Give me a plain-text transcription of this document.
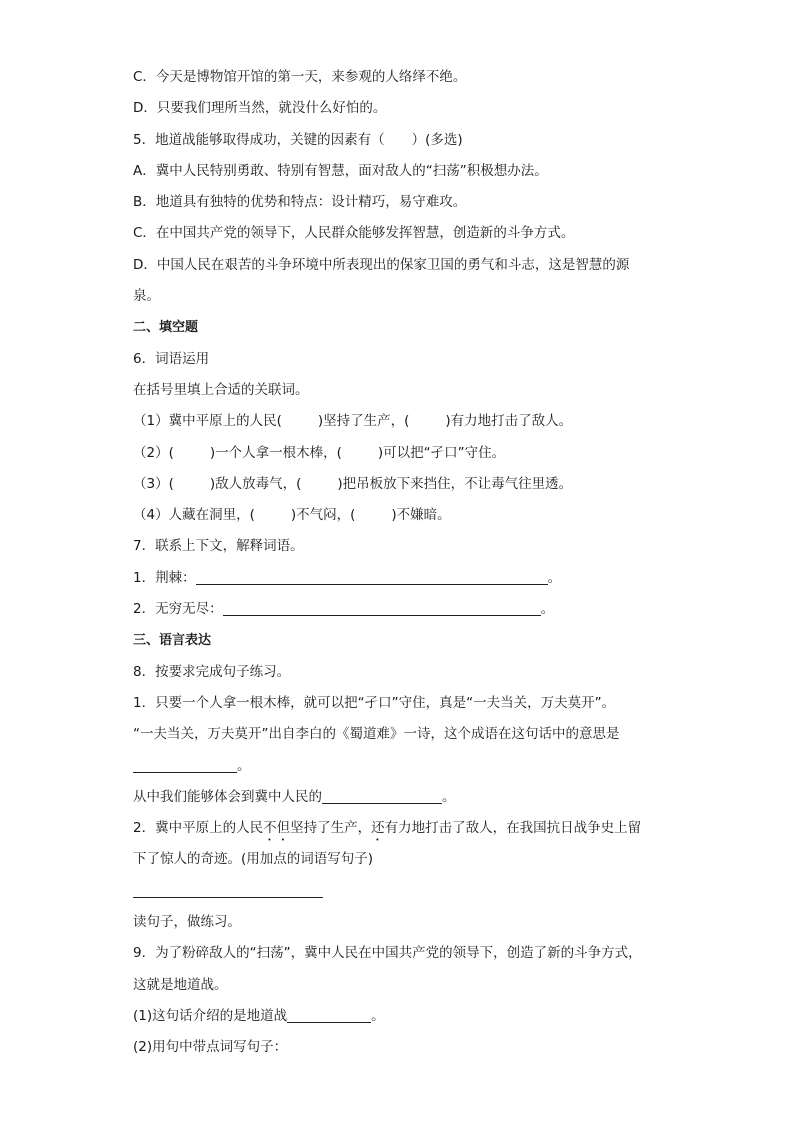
C．今天是博物馆开馆的第一天，来参观的人络绎不绝。
D．只要我们理所当然，就没什么好怕的。
5．地道战能够取得成功，关键的因素有（　　）(多选)
A．冀中人民特别勇敢、特别有智慧，面对敌人的“扫荡”积极想办法。
B．地道具有独特的优势和特点：设计精巧，易守难攻。
C．在中国共产党的领导下，人民群众能够发挥智慧，创造新的斗争方式。
D．中国人民在艰苦的斗争环境中所表现出的保家卫国的勇气和斗志，这是智慧的源
泉。
二、填空题
6．词语运用
在括号里填上合适的关联词。
（1）冀中平原上的人民(	)坚持了生产，(	)有力地打击了敌人。
（2）(	)一个人拿一根木棒，(	)可以把“孑口”守住。
（3）(	)敌人放毒气，(	)把吊板放下来挡住，不让毒气往里透。
（4）人藏在洞里，(	)不气闷，(	)不嫌暗。
7．联系上下文，解释词语。
1．荆棘：	。
2．无穷无尽：	。
三、语言表达
8．按要求完成句子练习。
1．只要一个人拿一根木棒，就可以把“孑口”守住，真是“一夫当关，万夫莫开”。
“一夫当关，万夫莫开”出自李白的《蜀道难》一诗，这个成语在这句话中的意思是
。
从中我们能够体会到冀中人民的	。
2．冀中平原上的人民不但坚持了生产，还有力地打击了敌人，在我国抗日战争史上留
下了惊人的奇迹。(用加点的词语写句子)
读句子，做练习。
9．为了粉碎敌人的“扫荡”，冀中人民在中国共产党的领导下，创造了新的斗争方式，
这就是地道战。
(1)这句话介绍的是地道战	。
(2)用句中带点词写句子：
